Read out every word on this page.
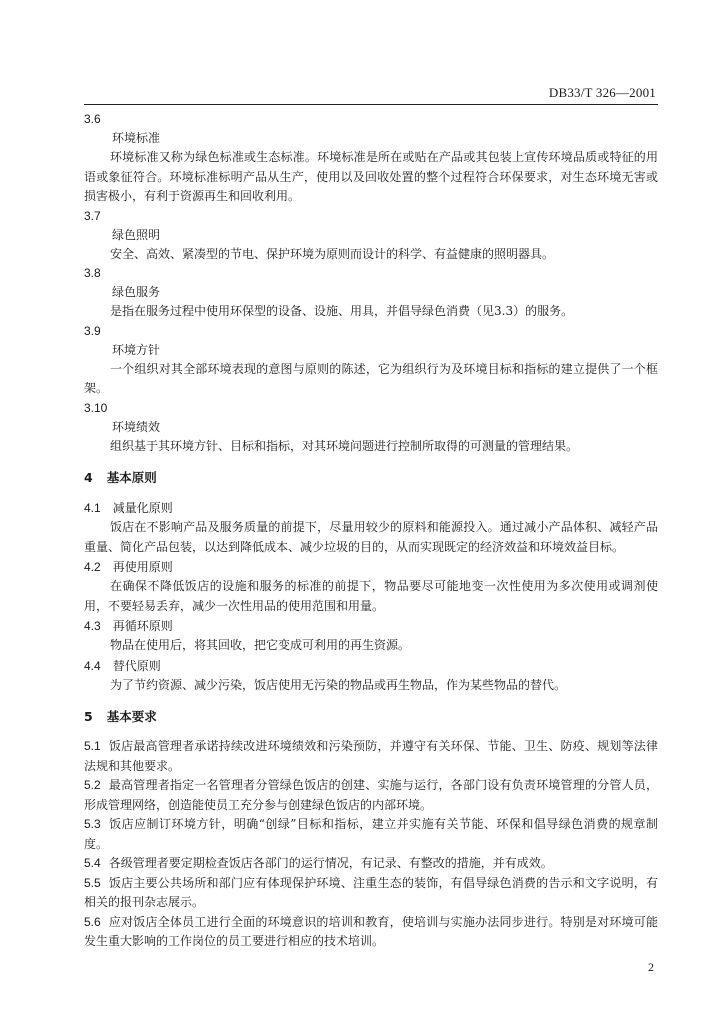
DB33/T 326—2001

3.6

环境标准

环境标准又称为绿色标准或生态标准。环境标准是所在或贴在产品或其包装上宣传环境品质或特征的用语或象征符合。环境标准标明产品从生产，使用以及回收处置的整个过程符合环保要求，对生态环境无害或损害极小，有利于资源再生和回收利用。

3.7

绿色照明

安全、高效、紧凑型的节电、保护环境为原则而设计的科学、有益健康的照明器具。

3.8

绿色服务

是指在服务过程中使用环保型的设备、设施、用具，并倡导绿色消费（见3.3）的服务。

3.9

环境方针

一个组织对其全部环境表现的意图与原则的陈述，它为组织行为及环境目标和指标的建立提供了一个框架。

3.10

环境绩效

组织基于其环境方针、目标和指标，对其环境问题进行控制所取得的可测量的管理结果。

4 基本原则

4.1 减量化原则

饭店在不影响产品及服务质量的前提下，尽量用较少的原料和能源投入。通过减小产品体积、减轻产品重量、简化产品包装，以达到降低成本、减少垃圾的目的，从而实现既定的经济效益和环境效益目标。

4.2 再使用原则

在确保不降低饭店的设施和服务的标准的前提下，物品要尽可能地变一次性使用为多次使用或调剂使用，不要轻易丢弃，减少一次性用品的使用范围和用量。

4.3 再循环原则

物品在使用后，将其回收，把它变成可利用的再生资源。

4.4 替代原则

为了节约资源、减少污染，饭店使用无污染的物品或再生物品，作为某些物品的替代。

5 基本要求

5.1 饭店最高管理者承诺持续改进环境绩效和污染预防，并遵守有关环保、节能、卫生、防疫、规划等法律法规和其他要求。

5.2 最高管理者指定一名管理者分管绿色饭店的创建、实施与运行，各部门设有负责环境管理的分管人员，形成管理网络，创造能使员工充分参与创建绿色饭店的内部环境。

5.3 饭店应制订环境方针，明确“创绿”目标和指标，建立并实施有关节能、环保和倡导绿色消费的规章制度。

5.4 各级管理者要定期检查饭店各部门的运行情况，有记录、有整改的措施，并有成效。

5.5 饭店主要公共场所和部门应有体现保护环境、注重生态的装饰，有倡导绿色消费的告示和文字说明，有相关的报刊杂志展示。

5.6 应对饭店全体员工进行全面的环境意识的培训和教育，使培训与实施办法同步进行。特别是对环境可能发生重大影响的工作岗位的员工要进行相应的技术培训。

2
